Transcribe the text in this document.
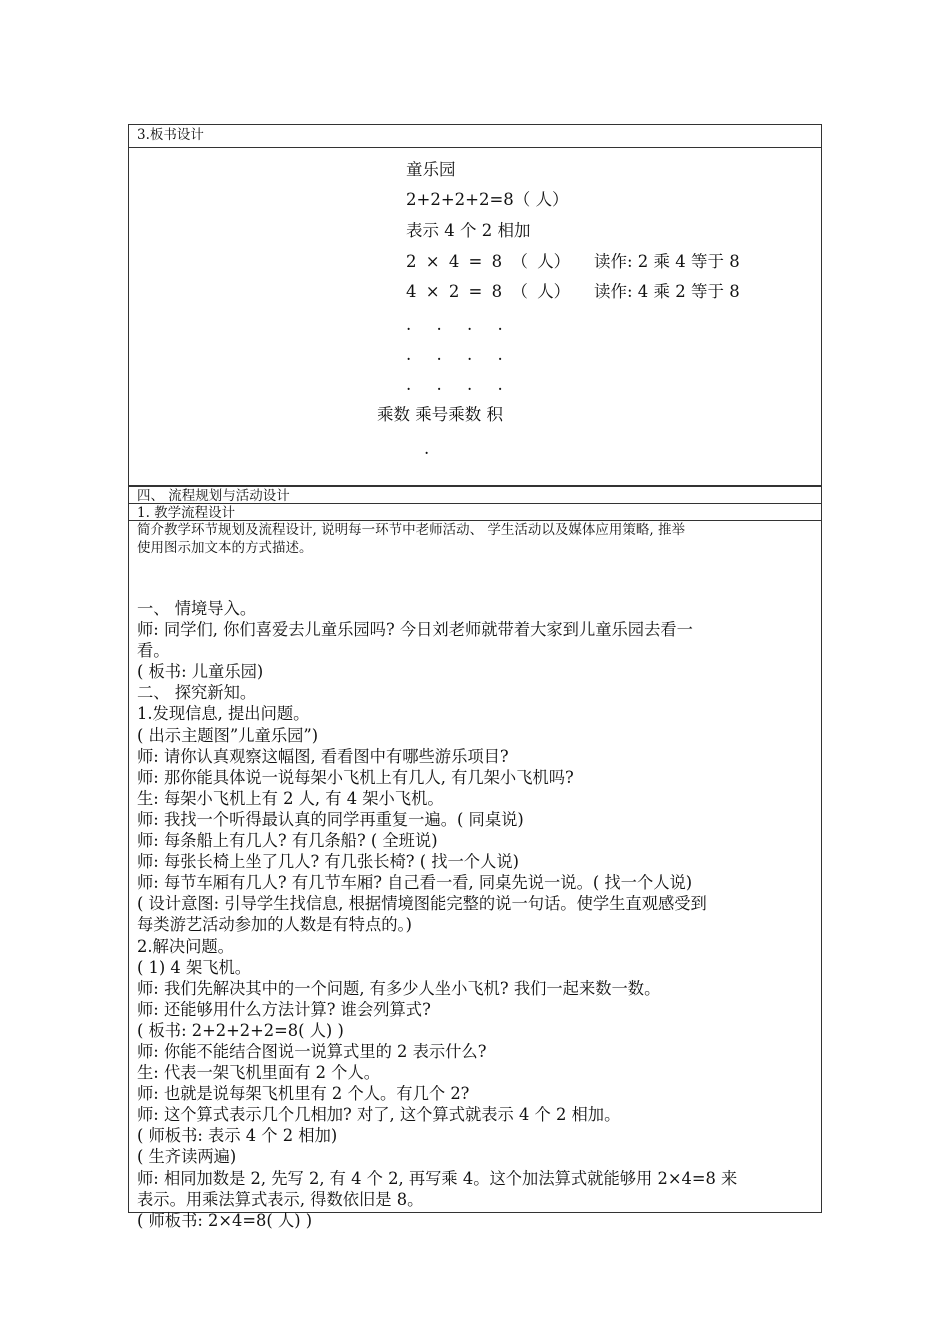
3.板书设计
童乐园
2+2+2+2=8（ 人）
表示 4 个 2 相加
2 × 4 = 8 （ 人） 读作: 2 乘 4 等于 8
4 × 2 = 8 （ 人） 读作: 4 乘 2 等于 8
. . . .
. . . .
. . . .
乘数 乘号乘数 积
.
四、 流程规划与活动设计
1. 教学流程设计
简介教学环节规划及流程设计, 说明每一环节中老师活动、 学生活动以及媒体应用策略, 推举
使用图示加文本的方式描述。
一、 情境导入。
师: 同学们, 你们喜爱去儿童乐园吗? 今日刘老师就带着大家到儿童乐园去看一
看。
( 板书: 儿童乐园)
二、 探究新知。
1.发现信息, 提出问题。
( 出示主题图”儿童乐园”)
师: 请你认真观察这幅图, 看看图中有哪些游乐项目?
师: 那你能具体说一说每架小飞机上有几人, 有几架小飞机吗?
生: 每架小飞机上有 2 人, 有 4 架小飞机。
师: 我找一个听得最认真的同学再重复一遍。( 同桌说)
师: 每条船上有几人? 有几条船? ( 全班说)
师: 每张长椅上坐了几人? 有几张长椅? ( 找一个人说)
师: 每节车厢有几人? 有几节车厢? 自己看一看, 同桌先说一说。( 找一个人说)
( 设计意图: 引导学生找信息, 根据情境图能完整的说一句话。使学生直观感受到
每类游艺活动参加的人数是有特点的。)
2.解决问题。
( 1) 4 架飞机。
师: 我们先解决其中的一个问题, 有多少人坐小飞机? 我们一起来数一数。
师: 还能够用什么方法计算? 谁会列算式?
( 板书: 2+2+2+2=8( 人) )
师: 你能不能结合图说一说算式里的 2 表示什么?
生: 代表一架飞机里面有 2 个人。
师: 也就是说每架飞机里有 2 个人。有几个 2?
师: 这个算式表示几个几相加? 对了, 这个算式就表示 4 个 2 相加。
( 师板书: 表示 4 个 2 相加)
( 生齐读两遍)
师: 相同加数是 2, 先写 2, 有 4 个 2, 再写乘 4。这个加法算式就能够用 2×4=8 来
表示。用乘法算式表示, 得数依旧是 8。
( 师板书: 2×4=8( 人) )
